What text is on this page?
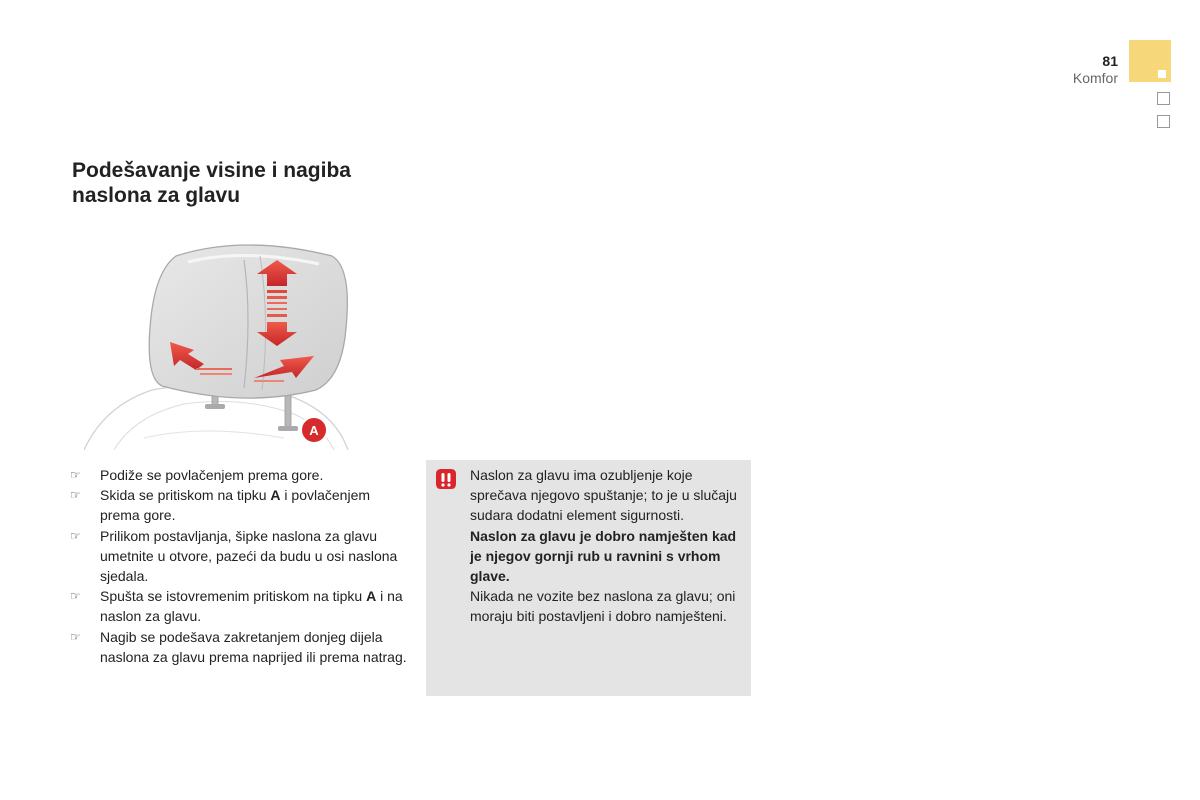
81
Komfor
Podešavanje visine i nagiba naslona za glavu
A
☞ Podiže se povlačenjem prema gore.
☞ Skida se pritiskom na tipku A i povlačenjem prema gore.
☞ Prilikom postavljanja, šipke naslona za glavu umetnite u otvore, pazeći da budu u osi naslona sjedala.
☞ Spušta se istovremenim pritiskom na tipku A i na naslon za glavu.
☞ Nagib se podešava zakretanjem donjeg dijela naslona za glavu prema naprijed ili prema natrag.

Naslon za glavu ima ozubljenje koje sprečava njegovo spuštanje; to je u slučaju sudara dodatni element sigurnosti.

Naslon za glavu je dobro namješten kad je njegov gornji rub u ravnini s vrhom glave.

Nikada ne vozite bez naslona za glavu; oni moraju biti postavljeni i dobro namješteni.
